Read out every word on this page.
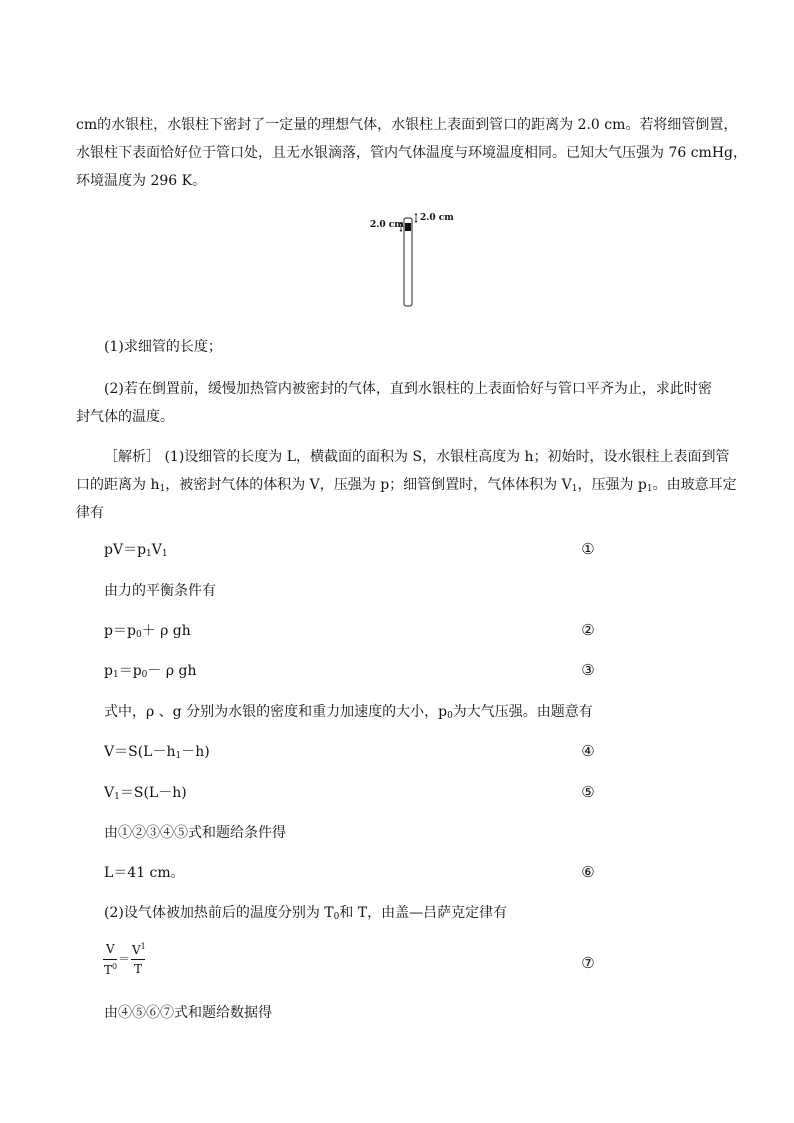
cm的水银柱，水银柱下密封了一定量的理想气体，水银柱上表面到管口的距离为 2.0 cm。若将细管倒置，
水银柱下表面恰好位于管口处，且无水银滴落，管内气体温度与环境温度相同。已知大气压强为 76 cmHg，
环境温度为 296 K。
2.0 cm
2.0 cm
(1)求细管的长度；
(2)若在倒置前，缓慢加热管内被密封的气体，直到水银柱的上表面恰好与管口平齐为止，求此时密
封气体的温度。
［解析］ (1)设细管的长度为 L，横截面的面积为 S，水银柱高度为 h；初始时，设水银柱上表面到管
口的距离为 $h_1$，被密封气体的体积为 V，压强为 p；细管倒置时，气体体积为 $V_1$，压强为 $p_1$。由玻意耳定
律有
$pV=p_1V_1$	①
由力的平衡条件有
$p=p_0+ \rho$ gh	②
$p_1=p_0- \rho$ gh	③
式中，ρ 、g 分别为水银的密度和重力加速度的大小，$p_0$为大气压强。由题意有
$V=S(L-h_1-h)$	④
$V_1=S(L-h)$	⑤
由①②③④⑤式和题给条件得
L＝41 cm。	⑥
(2)设气体被加热前后的温度分别为 $T_0$和 T，由盖—吕萨克定律有
V
$T^0$
＝
$V^1$
T	⑦
由④⑤⑥⑦式和题给数据得
